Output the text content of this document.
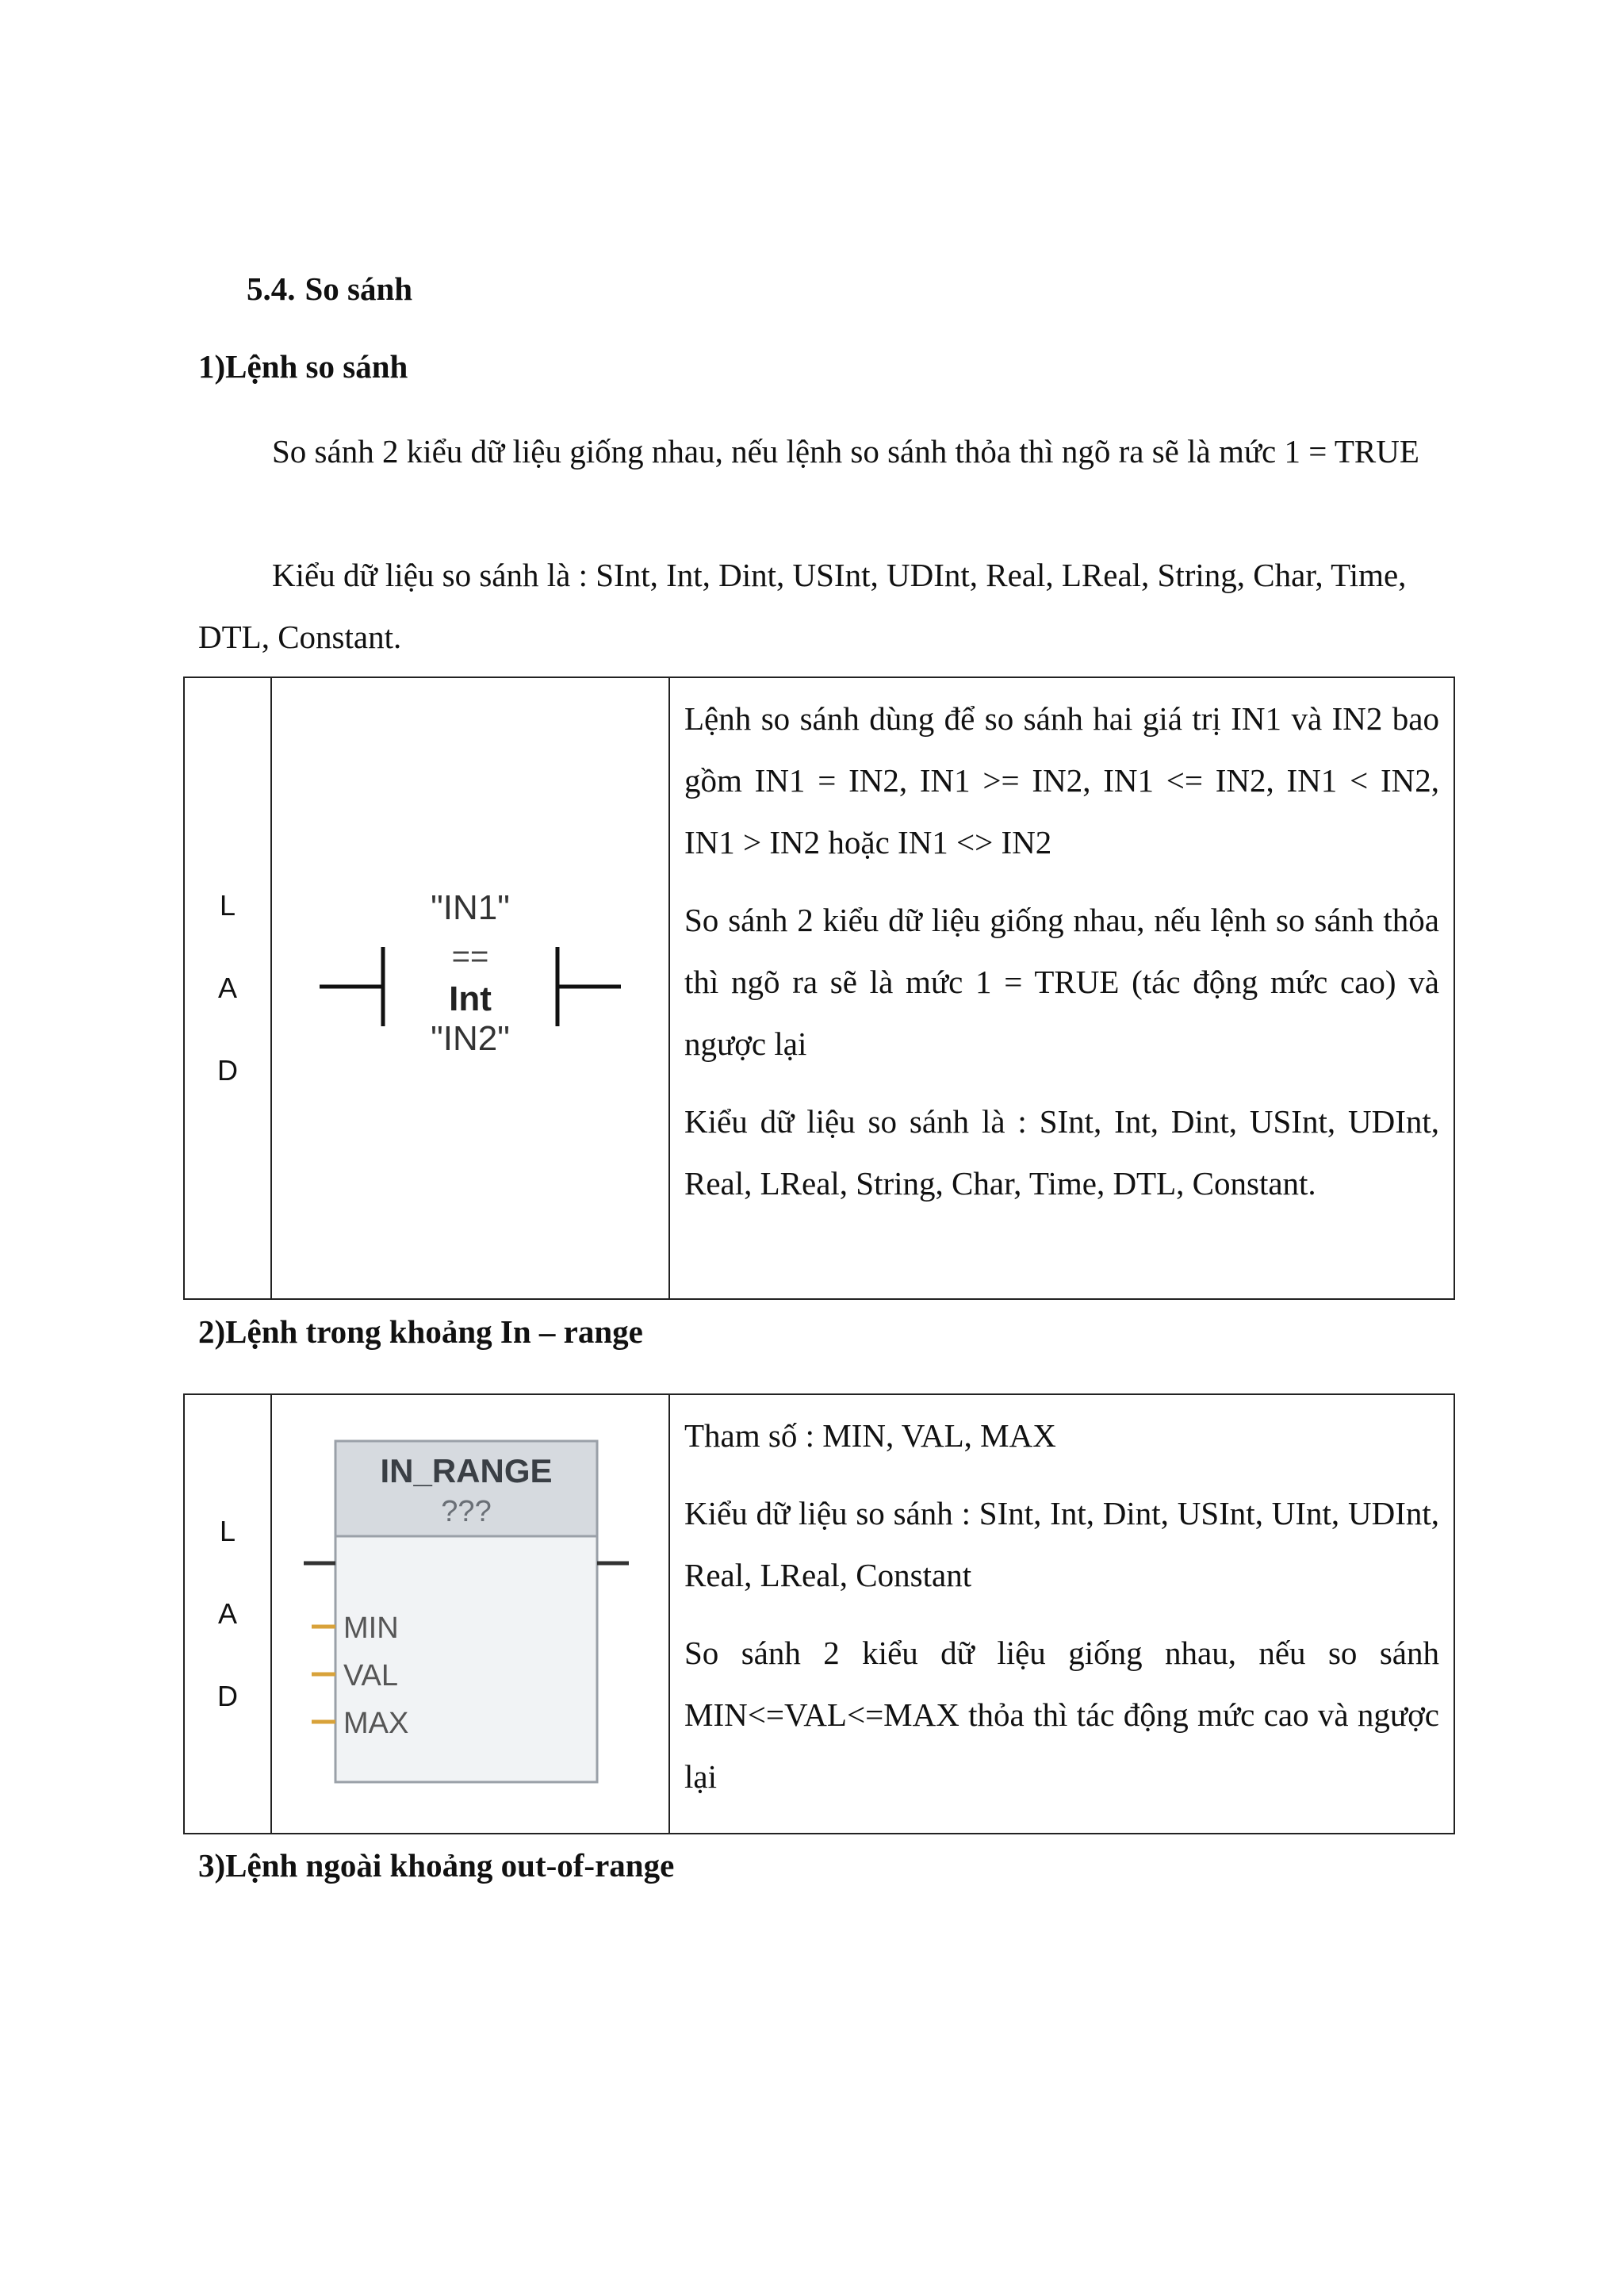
5.4. So sánh
1)Lệnh so sánh

So sánh 2 kiểu dữ liệu giống nhau, nếu lệnh so sánh thỏa thì ngõ ra sẽ là mức 1 = TRUE

Kiểu dữ liệu so sánh là : SInt, Int, Dint, USInt, UDInt, Real, LReal, String, Char, Time, DTL, Constant.

L
A
D

"IN1"
==
Int
"IN2"

Lệnh so sánh dùng để so sánh hai giá trị IN1 và IN2 bao gồm IN1 = IN2, IN1 >= IN2, IN1 <= IN2, IN1 < IN2, IN1 > IN2 hoặc IN1 <> IN2

So sánh 2 kiểu dữ liệu giống nhau, nếu lệnh so sánh thỏa thì ngõ ra sẽ là mức 1 = TRUE (tác động mức cao) và ngược lại

Kiểu dữ liệu so sánh là : SInt, Int, Dint, USInt, UDInt, Real, LReal, String, Char, Time, DTL, Constant.

2)Lệnh trong khoảng In – range
L
A
D

IN_RANGE
???
MIN
VAL
MAX

Tham số : MIN, VAL, MAX

Kiểu dữ liệu so sánh : SInt, Int, Dint, USInt, UInt, UDInt, Real, LReal, Constant

So sánh 2 kiểu dữ liệu giống nhau, nếu so sánh MIN<=VAL<=MAX thỏa thì tác động mức cao và ngược lại

3)Lệnh ngoài khoảng out-of-range
